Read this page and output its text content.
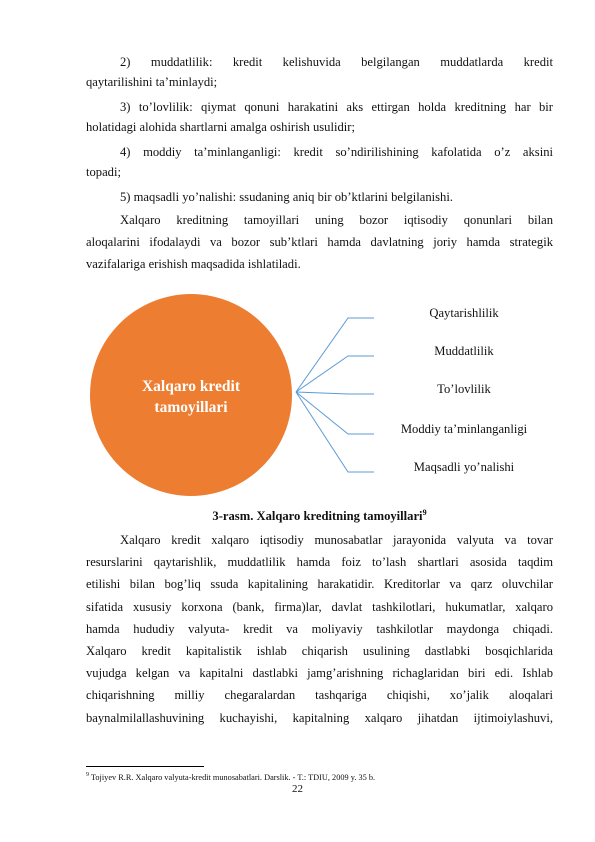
2) muddatlilik: kredit kelishuvida belgilangan muddatlarda kredit

qaytarilishini ta’minlaydi;

3) to’lovlilik: qiymat qonuni harakatini aks ettirgan holda kreditning har bir

holatidagi alohida shartlarni amalga oshirish usulidir;

4) moddiy ta’minlanganligi: kredit so’ndirilishining kafolatida o’z aksini

topadi;

5) maqsadli yo’nalishi: ssudaning aniq bir ob’ktlarini belgilanishi.

Xalqaro kreditning tamoyillari uning bozor iqtisodiy qonunlari bilan

aloqalarini ifodalaydi va bozor sub’ktlari hamda davlatning joriy hamda strategik

vazifalariga erishish maqsadida ishlatiladi.

Xalqaro kredit
tamoyillari
Qaytarishlilik
Muddatlilik
To’lovlilik
Moddiy ta’minlanganligi
Maqsadli yo’nalishi
3-rasm. Xalqaro kreditning tamoyillari$^9$

Xalqaro kredit xalqaro iqtisodiy munosabatlar jarayonida valyuta va tovar

resurslarini qaytarishlik, muddatlilik hamda foiz to’lash shartlari asosida taqdim

etilishi bilan bog’liq ssuda kapitalining harakatidir. Kreditorlar va qarz oluvchilar

sifatida xususiy korxona (bank, firma)lar, davlat tashkilotlari, hukumatlar, xalqaro

hamda hududiy valyuta- kredit va moliyaviy tashkilotlar maydonga chiqadi.

Xalqaro kredit kapitalistik ishlab chiqarish usulining dastlabki bosqichlarida

vujudga kelgan va kapitalni dastlabki jamg’arishning richaglaridan biri edi. Ishlab

chiqarishning milliy chegaralardan tashqariga chiqishi, xo’jalik aloqalari

baynalmilallashuvining kuchayishi, kapitalning xalqaro jihatdan ijtimoiylashuvi,

$^9$ Tojiyev R.R. Xalqaro valyuta-kredit munosabatlari. Darslik. - T.: TDIU, 2009 y. 35 b.
22
